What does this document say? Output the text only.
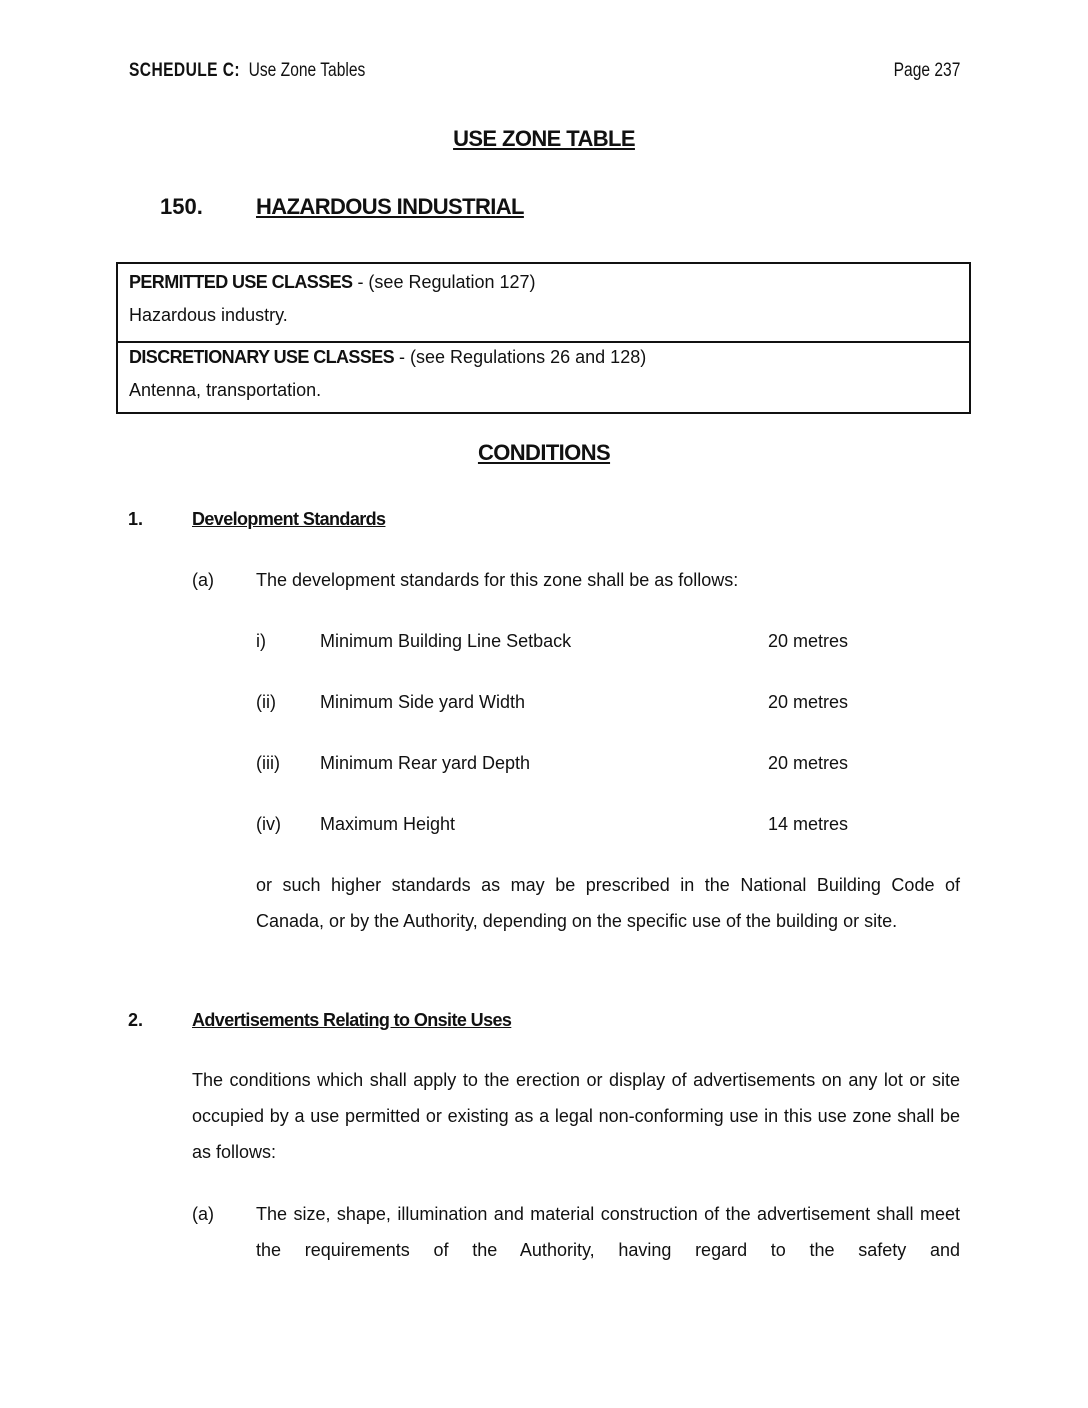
SCHEDULE C: Use Zone Tables	Page 237
USE ZONE TABLE
150. HAZARDOUS INDUSTRIAL
PERMITTED USE CLASSES - (see Regulation 127)
Hazardous industry.
DISCRETIONARY USE CLASSES - (see Regulations 26 and 128)
Antenna, transportation.
CONDITIONS
1.	Development Standards
(a) The development standards for this zone shall be as follows:
i)	Minimum Building Line Setback	20 metres
(ii) Minimum Side yard Width	20 metres
(iii) Minimum Rear yard Depth	20 metres
(iv) Maximum Height	14 metres
or such higher standards as may be prescribed in the National Building Code of Canada, or by the Authority, depending on the specific use of the building or site.
2.	Advertisements Relating to Onsite Uses
The conditions which shall apply to the erection or display of advertisements on any lot or site occupied by a use permitted or existing as a legal non-conforming use in this use zone shall be as follows:
(a) The size, shape, illumination and material construction of the advertisement shall meet the requirements of the Authority, having regard to the safety and
